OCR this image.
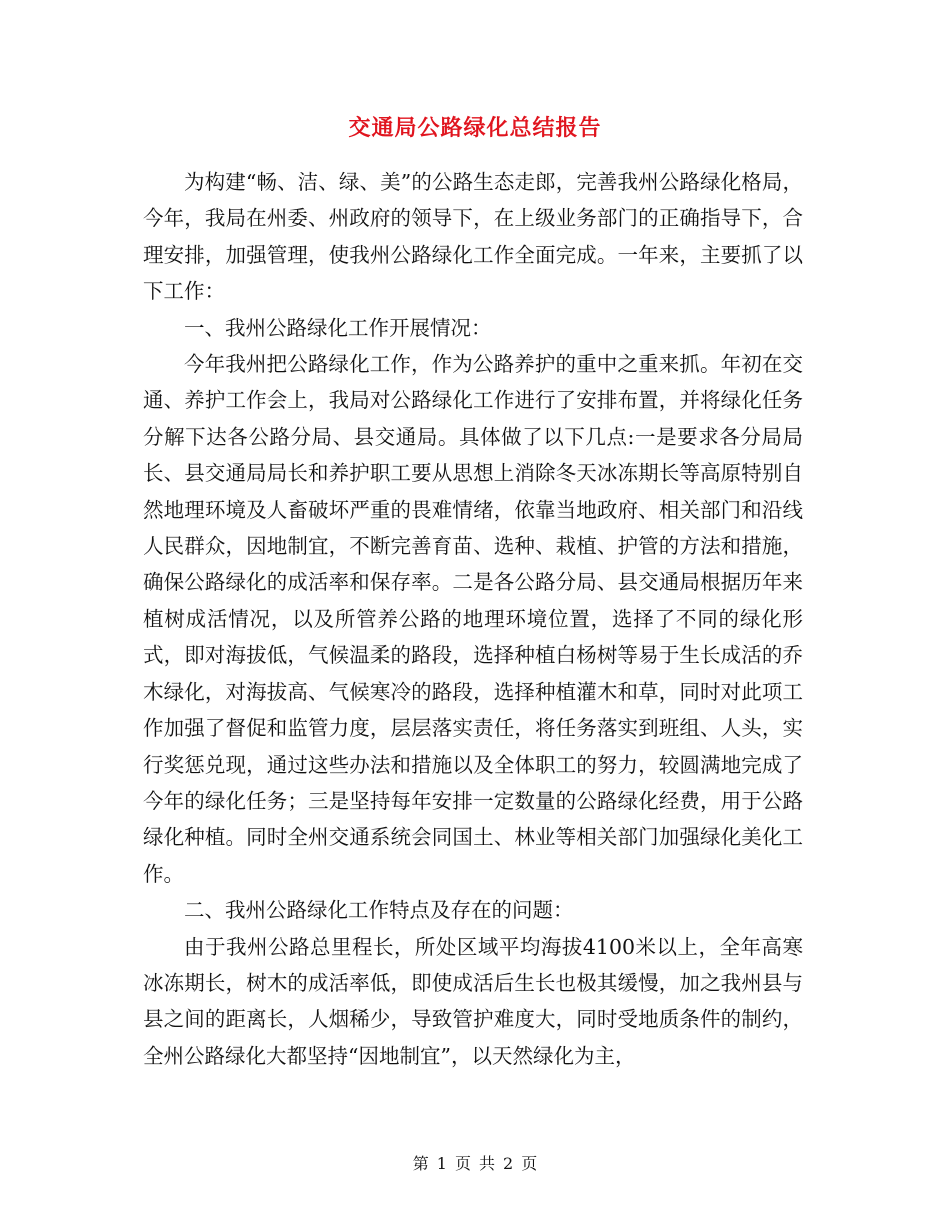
交通局公路绿化总结报告

为构建“畅、洁、绿、美”的公路生态走郎，完善我州公路绿化格局，今年，我局在州委、州政府的领导下，在上级业务部门的正确指导下，合理安排，加强管理，使我州公路绿化工作全面完成。一年来，主要抓了以下工作：

一、我州公路绿化工作开展情况：

今年我州把公路绿化工作，作为公路养护的重中之重来抓。年初在交通、养护工作会上，我局对公路绿化工作进行了安排布置，并将绿化任务分解下达各公路分局、县交通局。具体做了以下几点:一是要求各分局局长、县交通局局长和养护职工要从思想上消除冬天冰冻期长等高原特别自然地理环境及人畜破坏严重的畏难情绪，依靠当地政府、相关部门和沿线人民群众，因地制宜，不断完善育苗、选种、栽植、护管的方法和措施，确保公路绿化的成活率和保存率。二是各公路分局、县交通局根据历年来植树成活情况，以及所管养公路的地理环境位置，选择了不同的绿化形式，即对海拔低，气候温柔的路段，选择种植白杨树等易于生长成活的乔木绿化，对海拔高、气候寒冷的路段，选择种植灌木和草，同时对此项工作加强了督促和监管力度，层层落实责任，将任务落实到班组、人头，实行奖惩兑现，通过这些办法和措施以及全体职工的努力，较圆满地完成了今年的绿化任务；三是坚持每年安排一定数量的公路绿化经费，用于公路绿化种植。同时全州交通系统会同国土、林业等相关部门加强绿化美化工作。

二、我州公路绿化工作特点及存在的问题：

由于我州公路总里程长，所处区域平均海拔4100米以上，全年高寒冰冻期长，树木的成活率低，即使成活后生长也极其缓慢，加之我州县与县之间的距离长，人烟稀少，导致管护难度大，同时受地质条件的制约，全州公路绿化大都坚持“因地制宜”，以天然绿化为主，

第 1 页 共 2 页
